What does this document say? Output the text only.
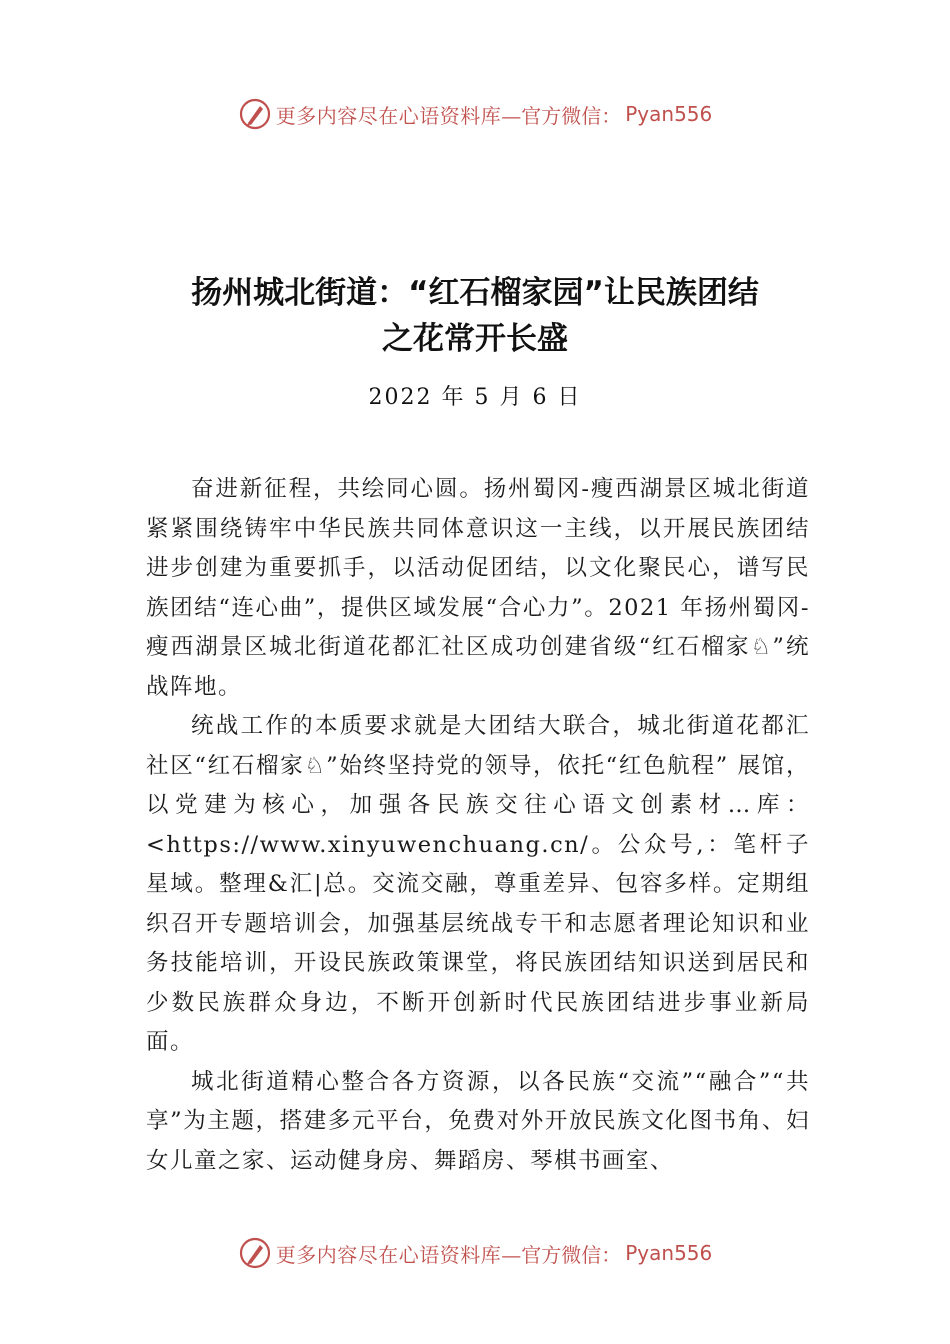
更多内容尽在心语资料库 —官方微信： Pyan556
扬州城北街道：“红石榴家园”让民族团结
之花常开长盛
2022 年 5 月 6 日

奋进新征程，共绘同心圆。扬州蜀冈-瘦西湖景区城北街道紧紧围绕铸牢中华民族共同体意识这一主线，以开展民族团结进步创建为重要抓手，以活动促团结，以文化聚民心，谱写民族团结“连心曲”，提供区域发展“合心力”。2021 年扬州蜀冈-瘦西湖景区城北街道花都汇社区成功创建省级“红石榴家♘”统战阵地。

统战工作的本质要求就是大团结大联合，城北街道花都汇社区“红石榴家♘”始终坚持党的领导，依托“红色航程” 展馆，以党建为核心，加强各民族交往心语文创素材…库：<https://www.xinyuwenchuang.cn/。公众号,：笔杆子星域。整理&汇|总。交流交融，尊重差异、包容多样。定期组织召开专题培训会，加强基层统战专干和志愿者理论知识和业务技能培训，开设民族政策课堂，将民族团结知识送到居民和少数民族群众身边，不断开创新时代民族团结进步事业新局面。

城北街道精心整合各方资源，以各民族“交流”“融合”“共享”为主题，搭建多元平台，免费对外开放民族文化图书角、妇女儿童之家、运动健身房、舞蹈房、琴棋书画室、

更多内容尽在心语资料库 —官方微信： Pyan556
